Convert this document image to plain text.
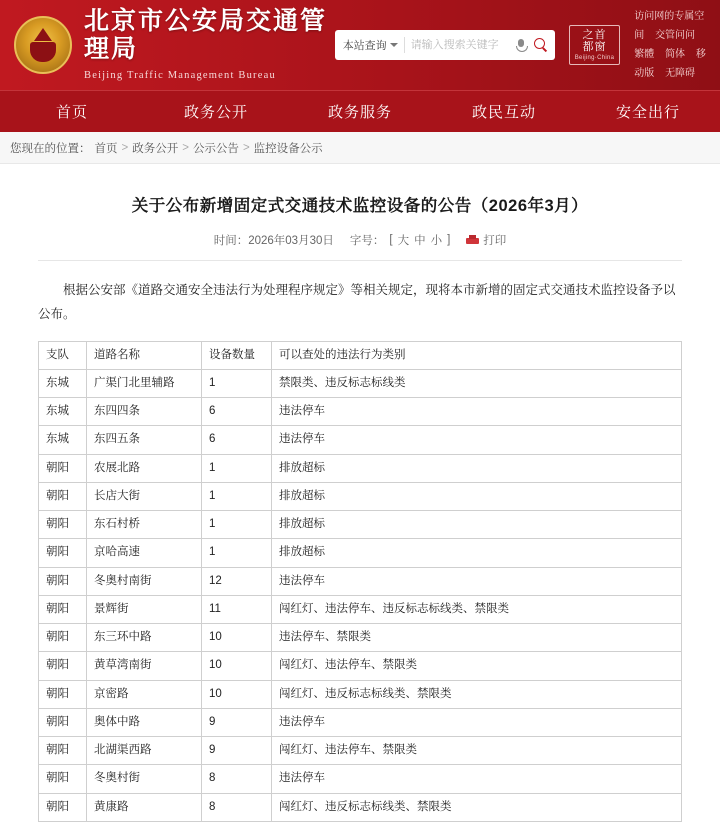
北京市公安局交通管理局
Beijing Traffic Management Bureau
本站查询
请输入搜索关键字
之首
都窗
Beijing·China
访问网的专属空间 交管问问
繁體 简体 移动版 无障碍
首页	政务公开	政务服务	政民互动	安全出行
您现在的位置： 首页 > 政务公开 > 公示公告 > 监控设备公示
关于公布新增固定式交通技术监控设备的公告（2026年3月）
时间：2026年03月30日 字号： [ 大 中 小 ]	打印
根据公安部《道路交通安全违法行为处理程序规定》等相关规定，现将本市新增的固定式交通技术监控设备予以公布。
支队	道路名称	设备数量	可以查处的违法行为类别
东城	广渠门北里辅路	1	禁限类、违反标志标线类
东城	东四四条	6	违法停车
东城	东四五条	6	违法停车
朝阳	农展北路	1	排放超标
朝阳	长店大街	1	排放超标
朝阳	东石村桥	1	排放超标
朝阳	京哈高速	1	排放超标
朝阳	冬奥村南街	12	违法停车
朝阳	景辉街	11	闯红灯、违法停车、违反标志标线类、禁限类
朝阳	东三环中路	10	违法停车、禁限类
朝阳	黄草湾南街	10	闯红灯、违法停车、禁限类
朝阳	京密路	10	闯红灯、违反标志标线类、禁限类
朝阳	奥体中路	9	违法停车
朝阳	北湖渠西路	9	闯红灯、违法停车、禁限类
朝阳	冬奥村街	8	违法停车
朝阳	黄康路	8	闯红灯、违反标志标线类、禁限类
